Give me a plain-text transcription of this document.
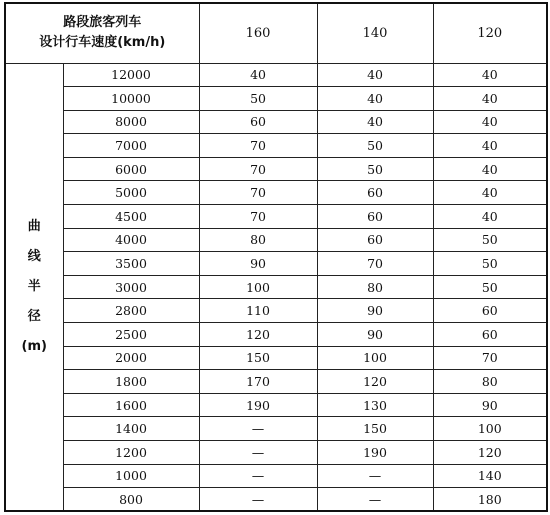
路段旅客列车
设计行车速度(km/h)		160	140	120

曲
线
半
径
(m)	12000	40	40	40
	10000	50	40	40
	8000	60	40	40
	7000	70	50	40
	6000	70	50	40
	5000	70	60	40
	4500	70	60	40
	4000	80	60	50
	3500	90	70	50
	3000	100	80	50
	2800	110	90	60
	2500	120	90	60
	2000	150	100	70
	1800	170	120	80
	1600	190	130	90
	1400	—	150	100
	1200	—	190	120
	1000	—	—	140
	800	—	—	180
